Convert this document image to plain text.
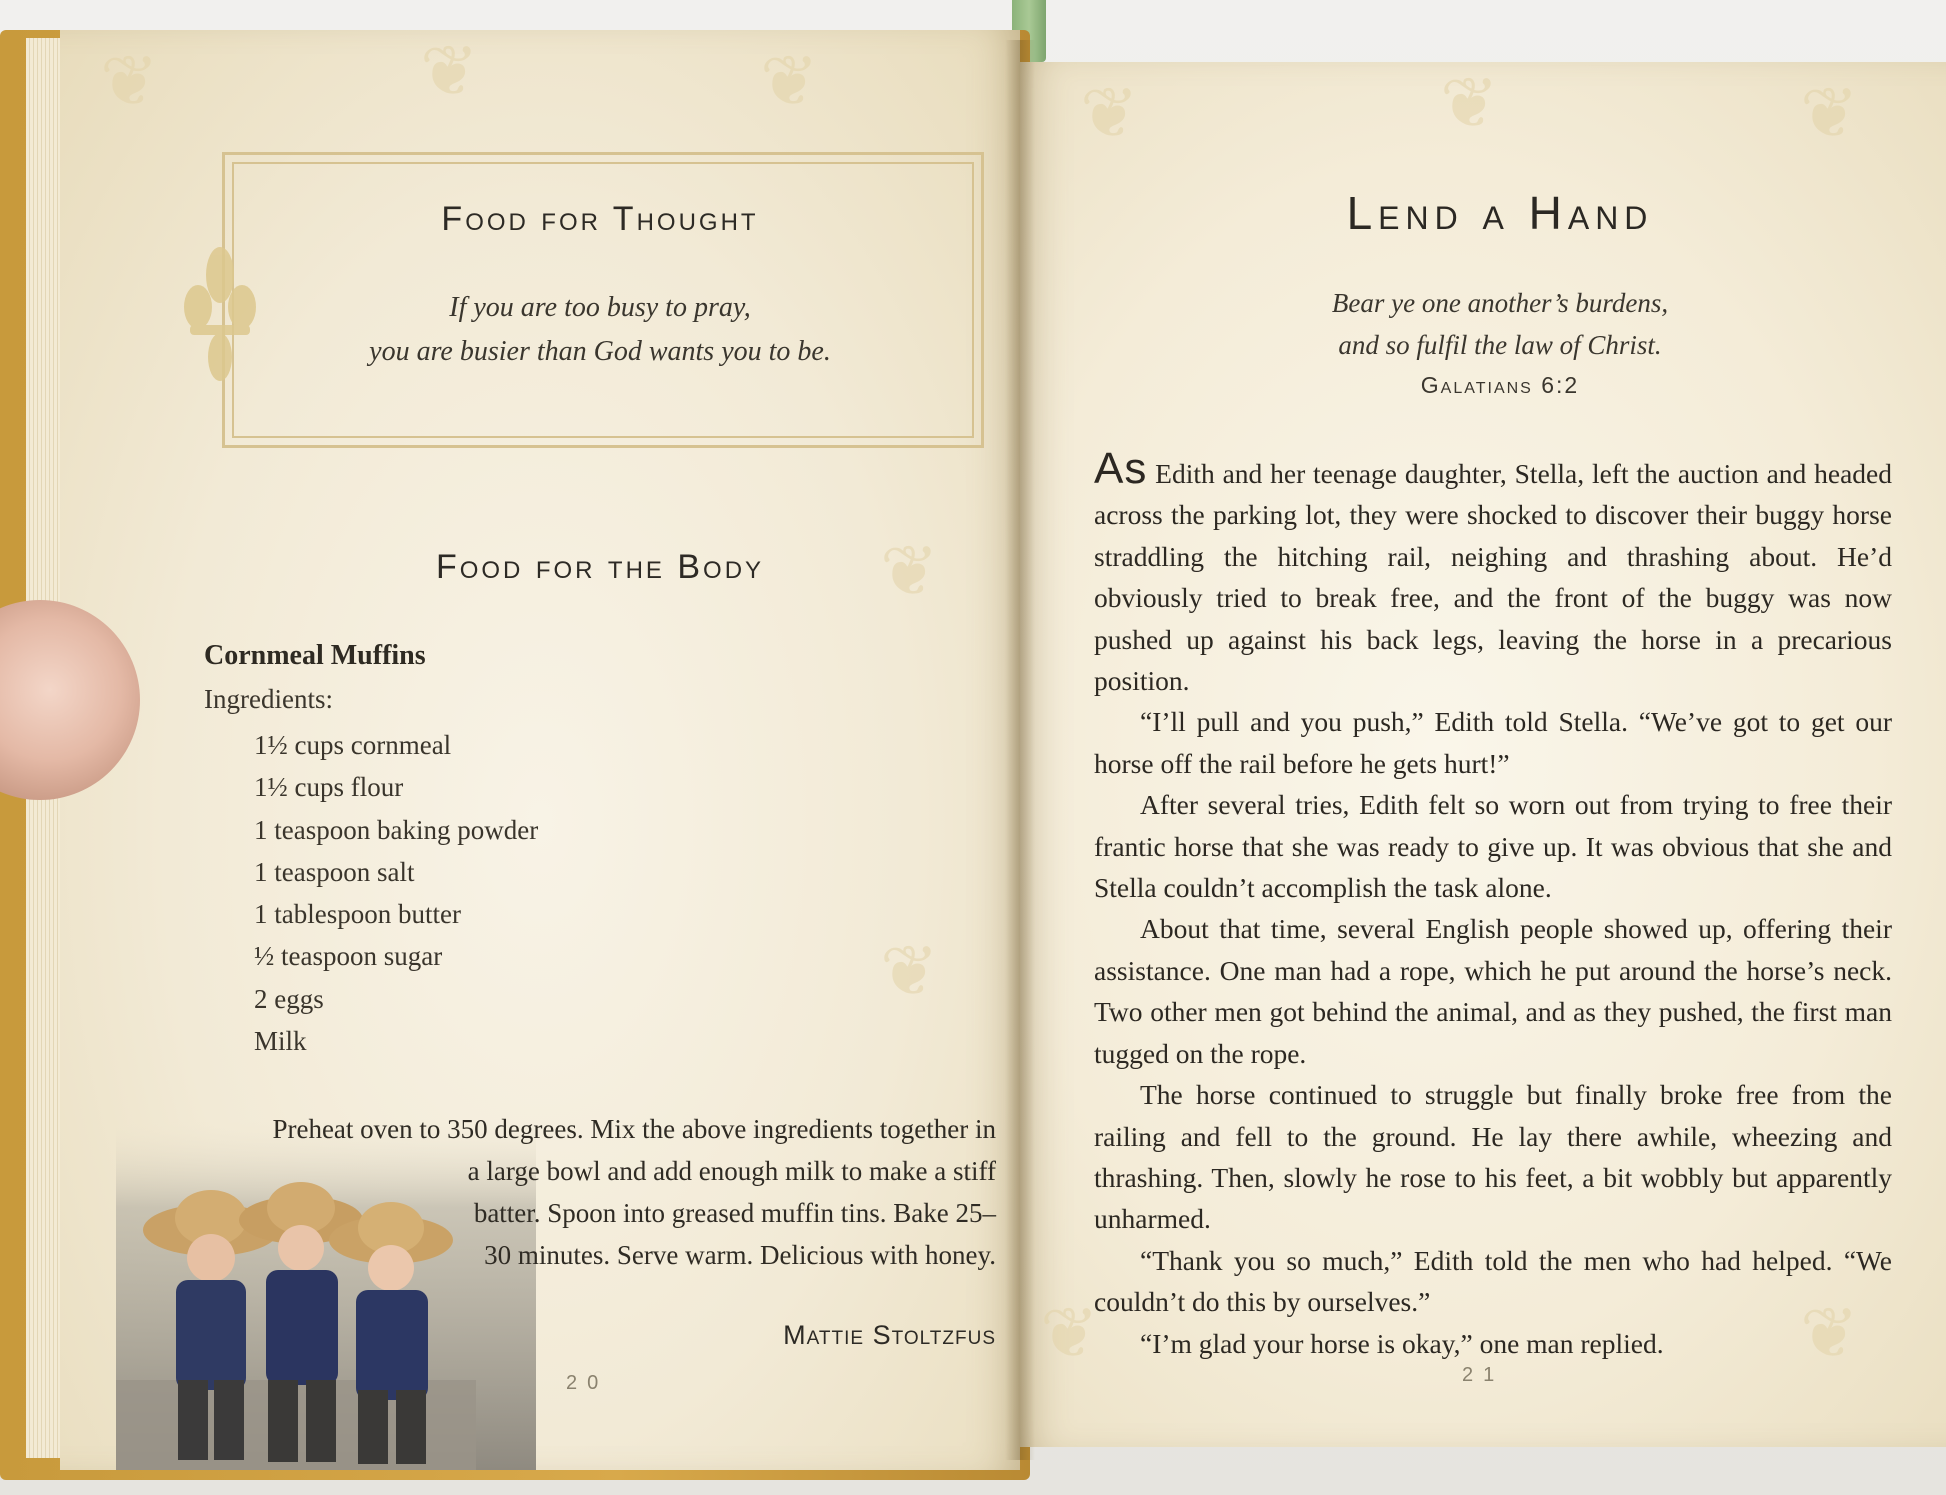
❦	❦	❦
❦
❦
❦	❦	❦
❦	❦
Food for Thought
If you are too busy to pray,
you are busier than God wants you to be.
Food for the Body
Cornmeal Muffins
Ingredients:
1½ cups cornmeal
1½ cups flour
1 teaspoon baking powder
1 teaspoon salt
1 tablespoon butter
½ teaspoon sugar
2 eggs
Milk
Preheat oven to 350 degrees. Mix the above ingredients together in
a large bowl and add enough milk to make a stiff
batter. Spoon into greased muffin tins. Bake 25–
30 minutes. Serve warm. Delicious with honey.
Mattie Stoltzfus
20
Lend a Hand
Bear ye one another’s burdens,
and so fulfil the law of Christ.
Galatians 6:2

As Edith and her teenage daughter, Stella, left the auction and headed across the parking lot, they were shocked to discover their buggy horse straddling the hitching rail, neighing and thrashing about. He’d obviously tried to break free, and the front of the buggy was now pushed up against his back legs, leaving the horse in a precarious position.

“I’ll pull and you push,” Edith told Stella. “We’ve got to get our horse off the rail before he gets hurt!”

After several tries, Edith felt so worn out from trying to free their frantic horse that she was ready to give up. It was obvious that she and Stella couldn’t accomplish the task alone.

About that time, several English people showed up, offering their assistance. One man had a rope, which he put around the horse’s neck. Two other men got behind the animal, and as they pushed, the first man tugged on the rope.

The horse continued to struggle but finally broke free from the railing and fell to the ground. He lay there awhile, wheezing and thrashing. Then, slowly he rose to his feet, a bit wobbly but apparently unharmed.

“Thank you so much,” Edith told the men who had helped. “We couldn’t do this by ourselves.”

“I’m glad your horse is okay,” one man replied.

21
